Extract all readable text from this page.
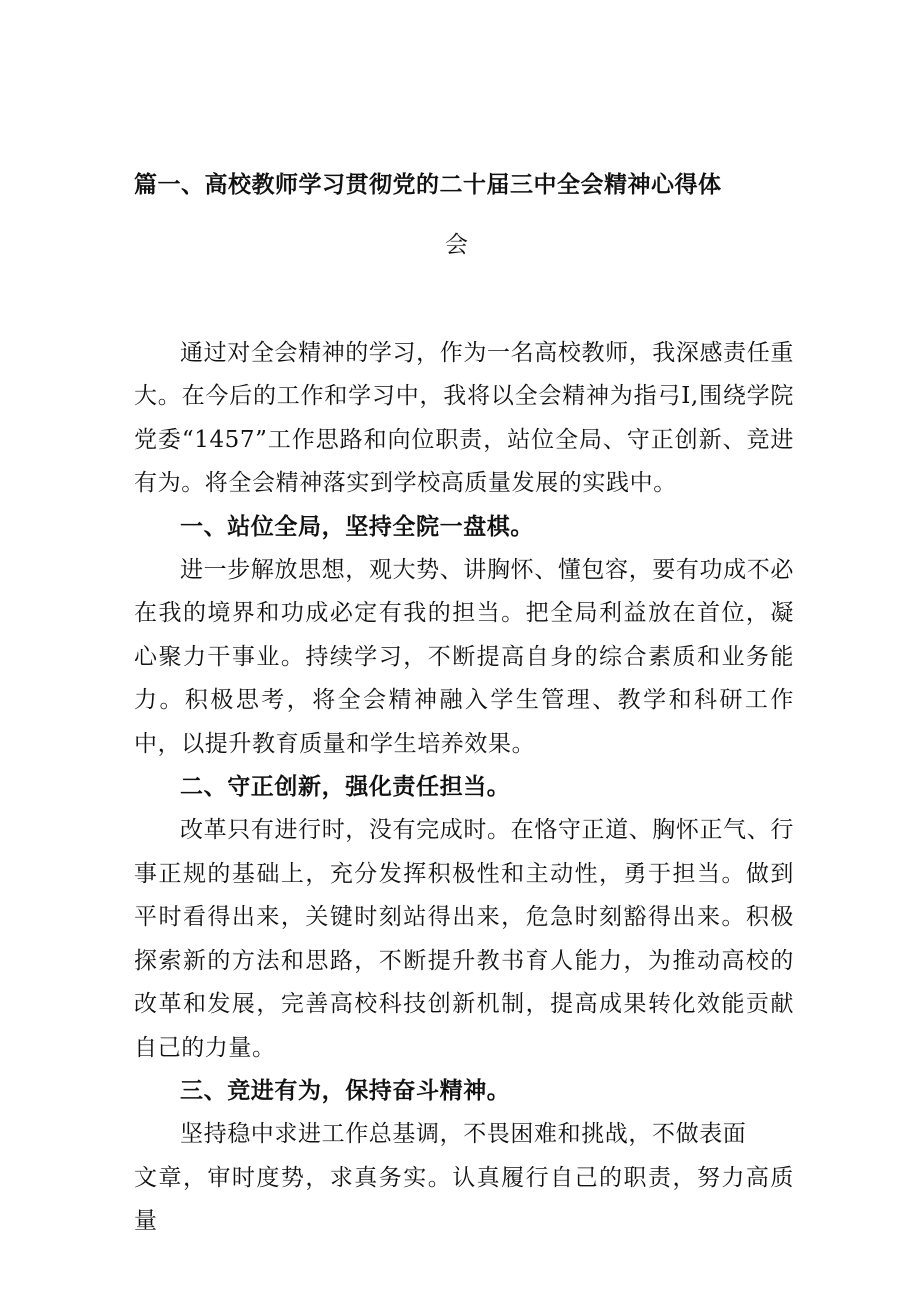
篇一、高校教师学习贯彻党的二十届三中全会精神心得体
会

通过对全会精神的学习，作为一名高校教师，我深感责任重大。在今后的工作和学习中，我将以全会精神为指弓I,围绕学院党委“1457”工作思路和向位职责，站位全局、守正创新、竞进有为。将全会精神落实到学校高质量发展的实践中。

一、站位全局，坚持全院一盘棋。

进一步解放思想，观大势、讲胸怀、懂包容，要有功成不必在我的境界和功成必定有我的担当。把全局利益放在首位，凝心聚力干事业。持续学习，不断提高自身的综合素质和业务能力。积极思考，将全会精神融入学生管理、教学和科研工作中，以提升教育质量和学生培养效果。

二、守正创新，强化责任担当。

改革只有进行时，没有完成时。在恪守正道、胸怀正气、行事正规的基础上，充分发挥积极性和主动性，勇于担当。做到平时看得出来，关键时刻站得出来，危急时刻豁得出来。积极探索新的方法和思路，不断提升教书育人能力，为推动高校的改革和发展，完善高校科技创新机制，提高成果转化效能贡献自己的力量。

三、竞进有为，保持奋斗精神。

坚持稳中求进工作总基调，不畏困难和挑战，不做表面

文章，审时度势，求真务实。认真履行自己的职责，努力高质量
